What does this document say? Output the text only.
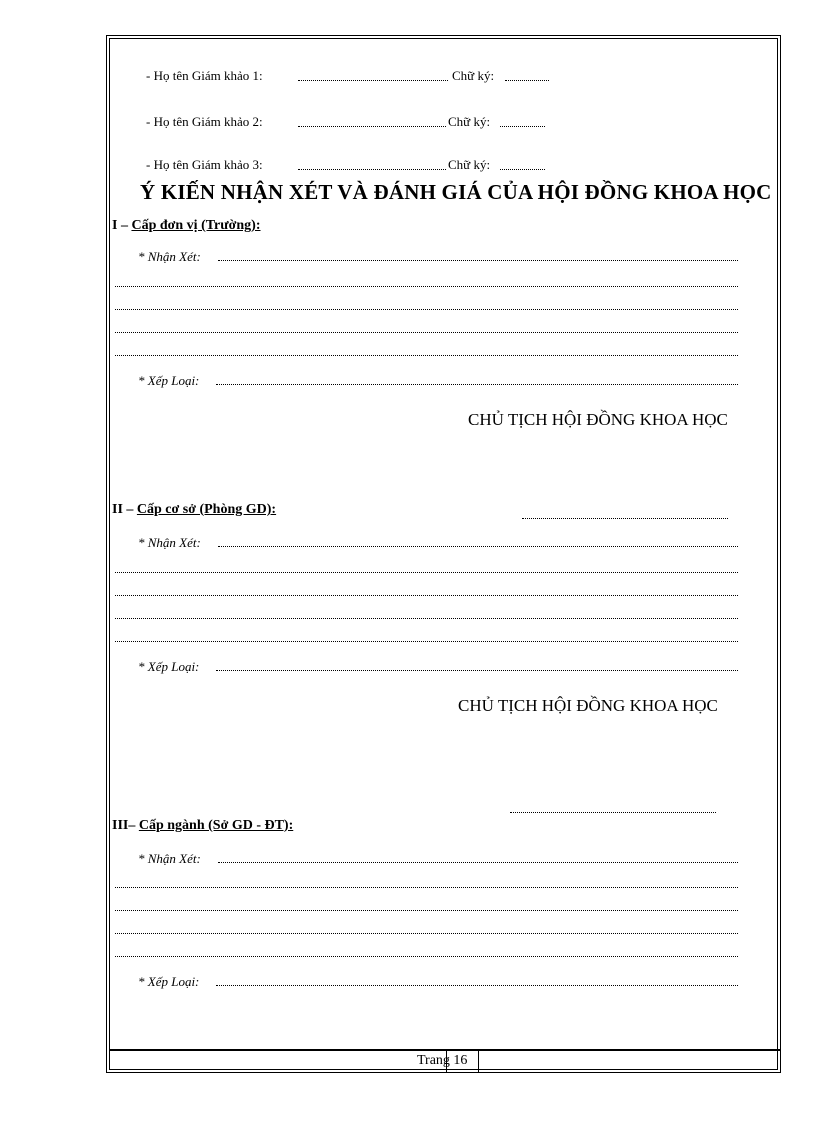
- Họ tên Giám khảo 1:	Chữ ký:
- Họ tên Giám khảo 2:	Chữ ký:
- Họ tên Giám khảo 3:	Chữ ký:
Ý KIẾN NHẬN XÉT VÀ ĐÁNH GIÁ CỦA HỘI ĐỒNG KHOA HỌC
I – Cấp đơn vị (Trường):
* Nhận Xét:
* Xếp Loại:
CHỦ TỊCH HỘI ĐỒNG KHOA HỌC
II – Cấp cơ sở (Phòng GD):
* Nhận Xét:
* Xếp Loại:
CHỦ TỊCH HỘI ĐỒNG KHOA HỌC
III– Cấp ngành (Sở GD - ĐT):
* Nhận Xét:
* Xếp Loại:
Trang 16
